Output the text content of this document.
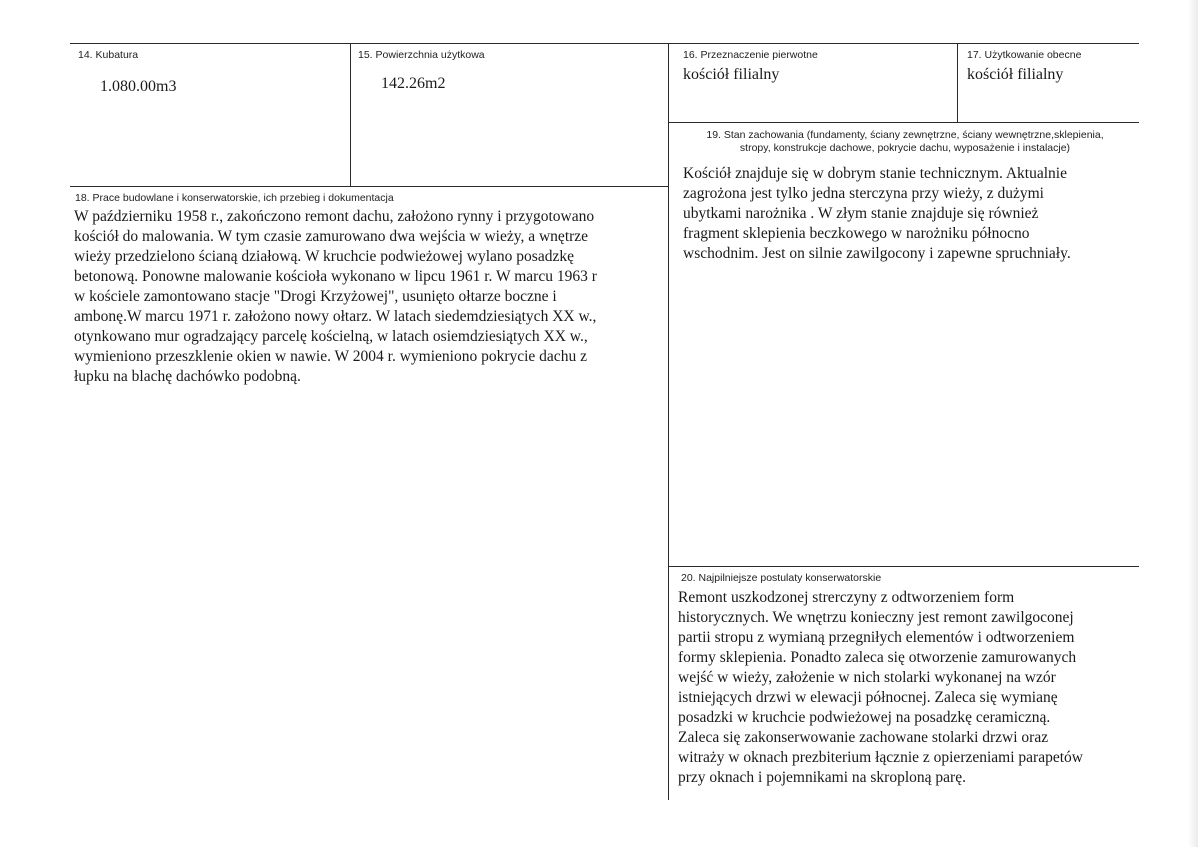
14. Kubatura
1.080.00m3
15. Powierzchnia użytkowa
142.26m2
16. Przeznaczenie pierwotne
kościół filialny
17. Użytkowanie obecne
kościół filialny
19. Stan zachowania (fundamenty, ściany zewnętrzne, ściany wewnętrzne,sklepienia,
stropy, konstrukcje dachowe, pokrycie dachu, wyposażenie i instalacje)
Kościół znajduje się w dobrym stanie technicznym. Aktualnie
zagrożona jest tylko jedna sterczyna przy wieży, z dużymi
ubytkami narożnika . W złym stanie znajduje się również
fragment sklepienia beczkowego w narożniku północno
wschodnim. Jest on silnie zawilgocony i zapewne spruchniały.
18. Prace budowlane i konserwatorskie, ich przebieg i dokumentacja
W październiku 1958 r., zakończono remont dachu, założono rynny i przygotowano
kościół do malowania. W tym czasie zamurowano dwa wejścia w wieży, a wnętrze
wieży przedzielono ścianą działową. W kruchcie podwieżowej wylano posadzkę
betonową. Ponowne malowanie kościoła wykonano w lipcu 1961 r. W marcu 1963 r
w kościele zamontowano stacje "Drogi Krzyżowej", usunięto ołtarze boczne i
ambonę.W marcu 1971 r. założono nowy ołtarz. W latach siedemdziesiątych XX w.,
otynkowano mur ogradzający parcelę kościelną, w latach osiemdziesiątych XX w.,
wymieniono przeszklenie okien w nawie. W 2004 r. wymieniono pokrycie dachu z
łupku na blachę dachówko podobną.
20. Najpilniejsze postulaty konserwatorskie
Remont uszkodzonej strerczyny z odtworzeniem form
historycznych. We wnętrzu konieczny jest remont zawilgoconej
partii stropu z wymianą przegniłych elementów i odtworzeniem
formy sklepienia. Ponadto zaleca się otworzenie zamurowanych
wejść w wieży, założenie w nich stolarki wykonanej na wzór
istniejących drzwi w elewacji północnej. Zaleca się wymianę
posadzki w kruchcie podwieżowej na posadzkę ceramiczną.
Zaleca się zakonserwowanie zachowane stolarki drzwi oraz
witraży w oknach prezbiterium łącznie z opierzeniami parapetów
przy oknach i pojemnikami na skroploną parę.
